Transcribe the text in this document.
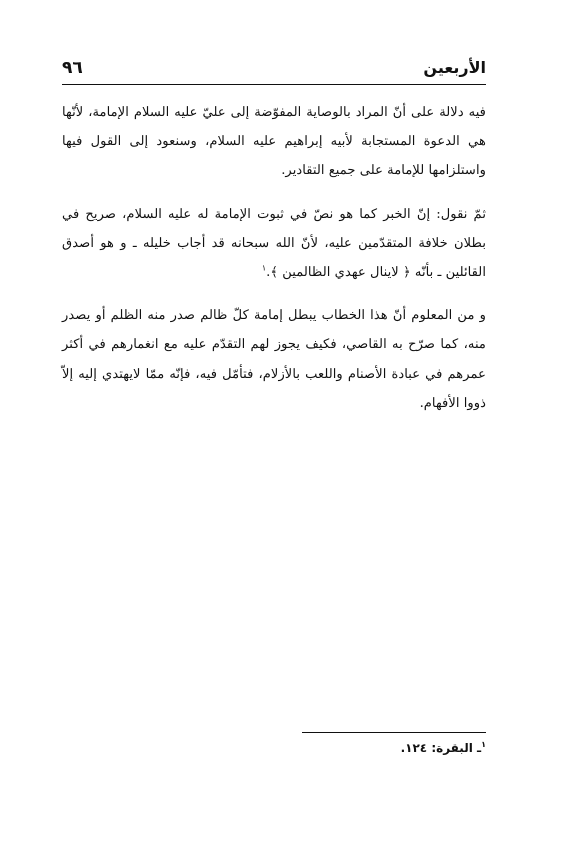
الأربعين
٩٦

فيه دلالة على أنّ المراد بالوصاية المفوّضة إلى عليّ عليه السلام الإمامة، لأنّها هي الدعوة المستجابة لأبيه إبراهيم عليه السلام، وسنعود إلى القول فيها واستلزامها للإمامة على جميع التقادير.

ثمّ نقول: إنّ الخبر كما هو نصّ في ثبوت الإمامة له عليه السلام، صريح في بطلان خلافة المتقدّمين عليه، لأنّ الله سبحانه قد أجاب خليله ـ و هو أصدق القائلين ـ بأنّه ﴿ لاينال عهدي الظالمين ﴾.$^١$

و من المعلوم أنّ هذا الخطاب يبطل إمامة كلّ ظالم صدر منه الظلم أو يصدر منه، كما صرّح به القاصي، فكيف يجوز لهم التقدّم عليه مع انغمارهم في أكثر عمرهم في عبادة الأصنام واللعب بالأزلام، فتأمّل فيه، فإنّه ممّا لايهتدي إليه إلاّ ذووا الأفهام.

$^١$ـ البقرة: ١٢٤.
